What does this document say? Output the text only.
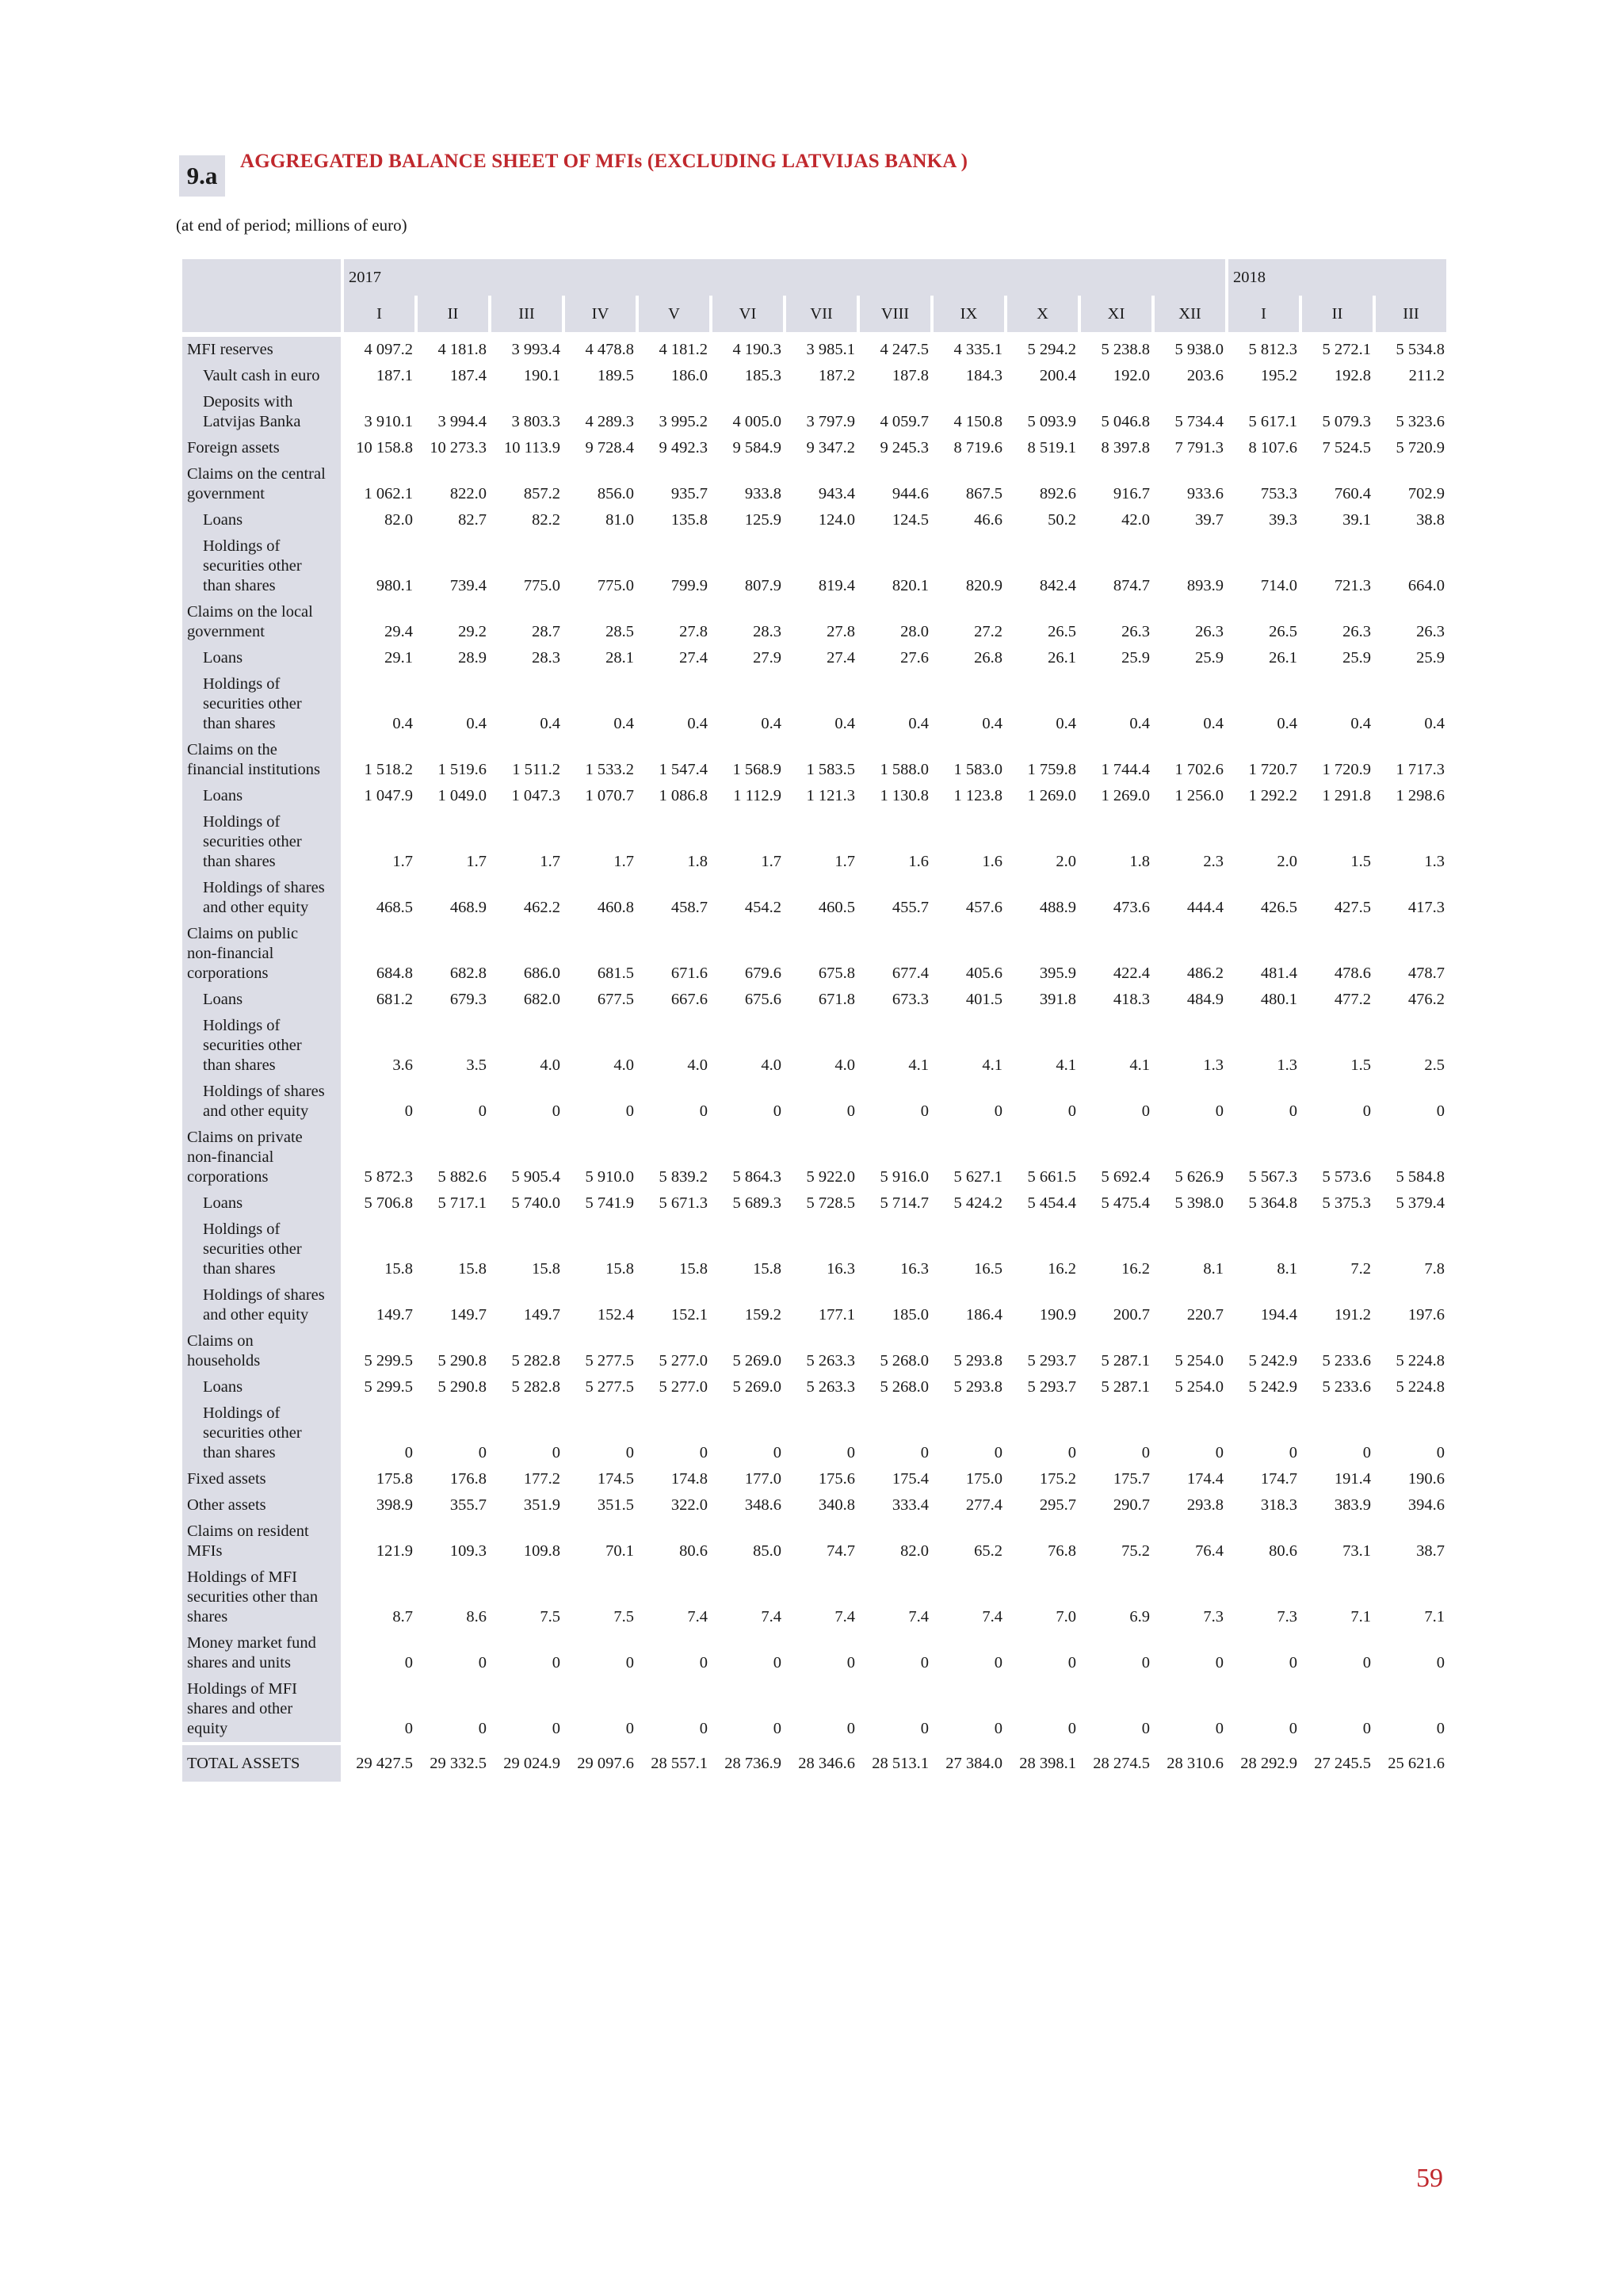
9.a
AGGREGATED BALANCE SHEET OF MFIs (EXCLUDING LATVIJAS BANKA )
(at end of period; millions of euro)
	2017												2018		
	I	II	III	IV	V	VI	VII	VIII	IX	X	XI	XII	I	II	III

MFI reserves	4 097.2	4 181.8	3 993.4	4 478.8	4 181.2	4 190.3	3 985.1	4 247.5	4 335.1	5 294.2	5 238.8	5 938.0	5 812.3	5 272.1	5 534.8

Vault cash in euro	187.1	187.4	190.1	189.5	186.0	185.3	187.2	187.8	184.3	200.4	192.0	203.6	195.2	192.8	211.2

Deposits with
Latvijas Banka	3 910.1	3 994.4	3 803.3	4 289.3	3 995.2	4 005.0	3 797.9	4 059.7	4 150.8	5 093.9	5 046.8	5 734.4	5 617.1	5 079.3	5 323.6

Foreign assets	10 158.8	10 273.3	10 113.9	9 728.4	9 492.3	9 584.9	9 347.2	9 245.3	8 719.6	8 519.1	8 397.8	7 791.3	8 107.6	7 524.5	5 720.9

Claims on the central
government	1 062.1	822.0	857.2	856.0	935.7	933.8	943.4	944.6	867.5	892.6	916.7	933.6	753.3	760.4	702.9

Loans	82.0	82.7	82.2	81.0	135.8	125.9	124.0	124.5	46.6	50.2	42.0	39.7	39.3	39.1	38.8

Holdings of
securities other
than shares	980.1	739.4	775.0	775.0	799.9	807.9	819.4	820.1	820.9	842.4	874.7	893.9	714.0	721.3	664.0

Claims on the local
government	29.4	29.2	28.7	28.5	27.8	28.3	27.8	28.0	27.2	26.5	26.3	26.3	26.5	26.3	26.3

Loans	29.1	28.9	28.3	28.1	27.4	27.9	27.4	27.6	26.8	26.1	25.9	25.9	26.1	25.9	25.9

Holdings of
securities other
than shares	0.4	0.4	0.4	0.4	0.4	0.4	0.4	0.4	0.4	0.4	0.4	0.4	0.4	0.4	0.4

Claims on the
financial institutions	1 518.2	1 519.6	1 511.2	1 533.2	1 547.4	1 568.9	1 583.5	1 588.0	1 583.0	1 759.8	1 744.4	1 702.6	1 720.7	1 720.9	1 717.3

Loans	1 047.9	1 049.0	1 047.3	1 070.7	1 086.8	1 112.9	1 121.3	1 130.8	1 123.8	1 269.0	1 269.0	1 256.0	1 292.2	1 291.8	1 298.6

Holdings of
securities other
than shares	1.7	1.7	1.7	1.7	1.8	1.7	1.7	1.6	1.6	2.0	1.8	2.3	2.0	1.5	1.3

Holdings of shares
and other equity	468.5	468.9	462.2	460.8	458.7	454.2	460.5	455.7	457.6	488.9	473.6	444.4	426.5	427.5	417.3

Claims on public
non-financial
corporations	684.8	682.8	686.0	681.5	671.6	679.6	675.8	677.4	405.6	395.9	422.4	486.2	481.4	478.6	478.7

Loans	681.2	679.3	682.0	677.5	667.6	675.6	671.8	673.3	401.5	391.8	418.3	484.9	480.1	477.2	476.2

Holdings of
securities other
than shares	3.6	3.5	4.0	4.0	4.0	4.0	4.0	4.1	4.1	4.1	4.1	1.3	1.3	1.5	2.5

Holdings of shares
and other equity	0	0	0	0	0	0	0	0	0	0	0	0	0	0	0

Claims on private
non-financial
corporations	5 872.3	5 882.6	5 905.4	5 910.0	5 839.2	5 864.3	5 922.0	5 916.0	5 627.1	5 661.5	5 692.4	5 626.9	5 567.3	5 573.6	5 584.8

Loans	5 706.8	5 717.1	5 740.0	5 741.9	5 671.3	5 689.3	5 728.5	5 714.7	5 424.2	5 454.4	5 475.4	5 398.0	5 364.8	5 375.3	5 379.4

Holdings of
securities other
than shares	15.8	15.8	15.8	15.8	15.8	15.8	16.3	16.3	16.5	16.2	16.2	8.1	8.1	7.2	7.8

Holdings of shares
and other equity	149.7	149.7	149.7	152.4	152.1	159.2	177.1	185.0	186.4	190.9	200.7	220.7	194.4	191.2	197.6

Claims on
households	5 299.5	5 290.8	5 282.8	5 277.5	5 277.0	5 269.0	5 263.3	5 268.0	5 293.8	5 293.7	5 287.1	5 254.0	5 242.9	5 233.6	5 224.8

Loans	5 299.5	5 290.8	5 282.8	5 277.5	5 277.0	5 269.0	5 263.3	5 268.0	5 293.8	5 293.7	5 287.1	5 254.0	5 242.9	5 233.6	5 224.8

Holdings of
securities other
than shares	0	0	0	0	0	0	0	0	0	0	0	0	0	0	0

Fixed assets	175.8	176.8	177.2	174.5	174.8	177.0	175.6	175.4	175.0	175.2	175.7	174.4	174.7	191.4	190.6

Other assets	398.9	355.7	351.9	351.5	322.0	348.6	340.8	333.4	277.4	295.7	290.7	293.8	318.3	383.9	394.6

Claims on resident
MFIs	121.9	109.3	109.8	70.1	80.6	85.0	74.7	82.0	65.2	76.8	75.2	76.4	80.6	73.1	38.7

Holdings of MFI
securities other than
shares	8.7	8.6	7.5	7.5	7.4	7.4	7.4	7.4	7.4	7.0	6.9	7.3	7.3	7.1	7.1

Money market fund
shares and units	0	0	0	0	0	0	0	0	0	0	0	0	0	0	0

Holdings of MFI
shares and other
equity	0	0	0	0	0	0	0	0	0	0	0	0	0	0	0
TOTAL ASSETS	29 427.5	29 332.5	29 024.9	29 097.6	28 557.1	28 736.9	28 346.6	28 513.1	27 384.0	28 398.1	28 274.5	28 310.6	28 292.9	27 245.5	25 621.6
59
